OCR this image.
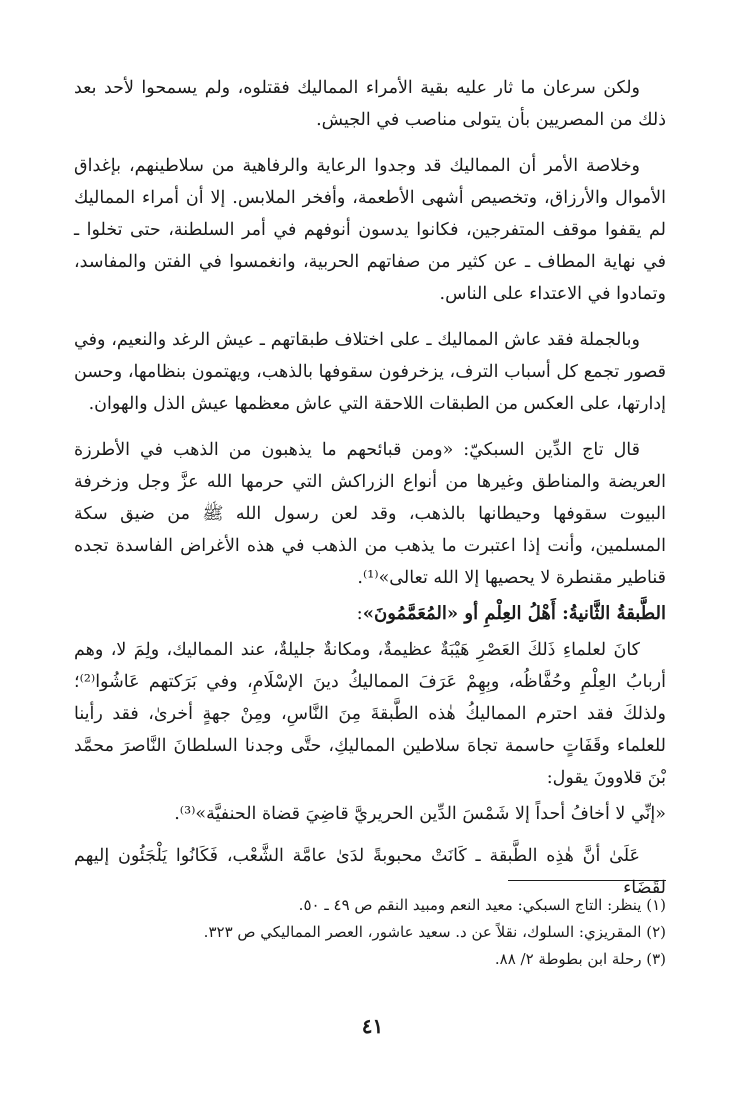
ولكن سرعان ما ثار عليه بقية الأمراء المماليك فقتلوه، ولم يسمحوا لأحد بعد ذلك من المصريين بأن يتولى مناصب في الجيش.

وخلاصة الأمر أن المماليك قد وجدوا الرعاية والرفاهية من سلاطينهم، بإغداق الأموال والأرزاق، وتخصيص أشهى الأطعمة، وأفخر الملابس. إلا أن أمراء المماليك لم يقفوا موقف المتفرجين، فكانوا يدسون أنوفهم في أمر السلطنة، حتى تخلوا ـ في نهاية المطاف ـ عن كثير من صفاتهم الحربية، وانغمسوا في الفتن والمفاسد، وتمادوا في الاعتداء على الناس.

وبالجملة فقد عاش المماليك ـ على اختلاف طبقاتهم ـ عيش الرغد والنعيم، وفي قصور تجمع كل أسباب الترف، يزخرفون سقوفها بالذهب، ويهتمون بنظامها، وحسن إدارتها، على العكس من الطبقات اللاحقة التي عاش معظمها عيش الذل والهوان.

قال تاج الدِّين السبكيّ: «ومن قبائحهم ما يذهبون من الذهب في الأطرزة العريضة والمناطق وغيرها من أنواع الزراكش التي حرمها الله عزَّ وجل وزخرفة البيوت سقوفها وحيطانها بالذهب، وقد لعن رسول الله ﷺ من ضيق سكة المسلمين، وأنت إذا اعتبرت ما يذهب من الذهب في هذه الأغراض الفاسدة تجده قناطير مقنطرة لا يحصيها إلا الله تعالى»⁽¹⁾.

الطَّبقةُ الثَّانيةُ: أَهْلُ العِلْمِ أو «المُعَمَّمُونَ»:

كانَ لعلماءِ ذَلكَ العَصْرِ هَيْبَةٌ عظيمةٌ، ومكانةٌ جليلةٌ، عند المماليك، ولِمَ لا، وهم أربابُ العِلْمِ وحُفَّاظُه، وبِهِمْ عَرَفَ المماليكُ دينَ الإسْلَامِ، وفي بَرَكتهم عَاشُوا⁽²⁾؛ ولذلكَ فقد احترم المماليكُ هٰذه الطَّبقةَ مِنَ النَّاسِ، ومِنْ جهةٍ أخرىٰ، فقد رأينا للعلماء وقَفَاتٍ حاسمة تجاهَ سلاطين المماليكِ، حتَّى وجدنا السلطانَ النَّاصرَ محمَّد بْنَ قلاوونَ يقول:

«إنِّي لا أخافُ أحداً إلا شَمْسَ الدِّين الحريريَّ قاضِيَ قضاة الحنفيَّة»⁽³⁾.

عَلَىٰ أنَّ هٰذِه الطَّبقة ـ كَانَتْ محبوبةً لدَىٰ عامَّة الشَّعْب، فَكَانُوا يَلْجَئُون إليهم لقَضَاء

(١) ينظر: التاج السبكي: معيد النعم ومبيد النقم ص ٤٩ ـ ٥٠.

(٢) المقريزي: السلوك، نقلاً عن د. سعيد عاشور، العصر المماليكي ص ٣٢٣.

(٣) رحلة ابن بطوطة ٢/ ٨٨.

٤١
